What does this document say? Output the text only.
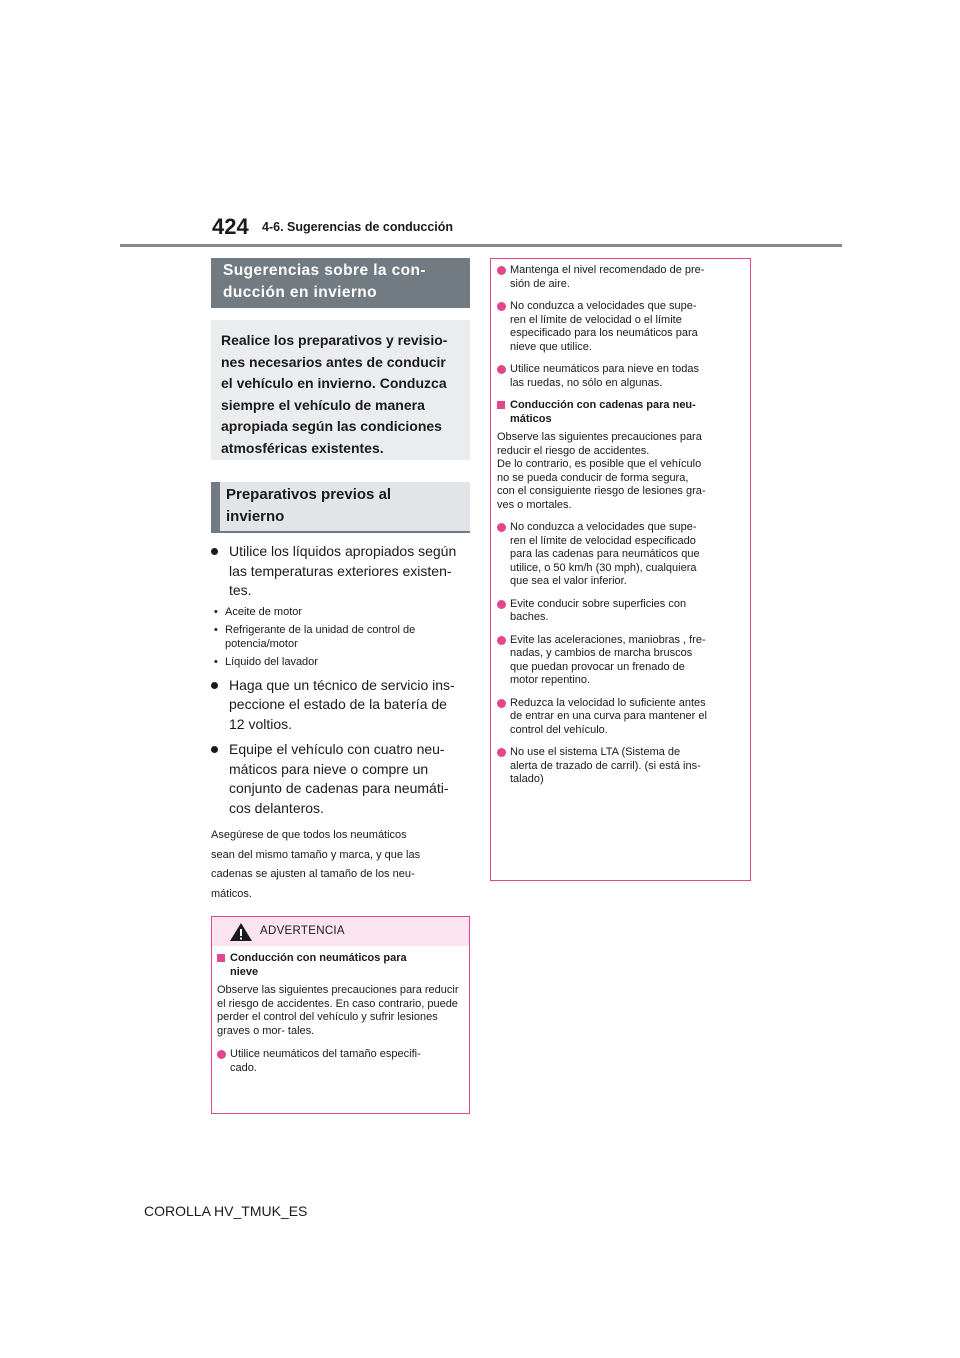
424 4-6. Sugerencias de conducción
Sugerencias sobre la con-
ducción en invierno
Realice los preparativos y revisio-
nes necesarios antes de conducir
el vehículo en invierno. Conduzca
siempre el vehículo de manera
apropiada según las condiciones
atmosféricas existentes.
Preparativos previos al
invierno
Utilice los líquidos apropiados según
las temperaturas exteriores existen-
tes.
• Aceite de motor
• Refrigerante de la unidad de control de
potencia/motor
• Líquido del lavador
Haga que un técnico de servicio ins-
peccione el estado de la batería de
12 voltios.
Equipe el vehículo con cuatro neu-
máticos para nieve o compre un
conjunto de cadenas para neumáti-
cos delanteros.
Asegúrese de que todos los neumáticos
sean del mismo tamaño y marca, y que las
cadenas se ajusten al tamaño de los neu-
máticos.
ADVERTENCIA
Conducción con neumáticos para
nieve
Observe las siguientes precauciones para reducir el riesgo de accidentes. En caso contrario, puede perder el control del vehículo y sufrir lesiones graves o mor- tales.
Utilice neumáticos del tamaño especifi-
cado.
Mantenga el nivel recomendado de pre-
sión de aire.
No conduzca a velocidades que supe-
ren el límite de velocidad o el límite
especificado para los neumáticos para
nieve que utilice.
Utilice neumáticos para nieve en todas
las ruedas, no sólo en algunas.
Conducción con cadenas para neu-
máticos
Observe las siguientes precauciones para
reducir el riesgo de accidentes.
De lo contrario, es posible que el vehículo
no se pueda conducir de forma segura,
con el consiguiente riesgo de lesiones gra-
ves o mortales.
No conduzca a velocidades que supe-
ren el límite de velocidad especificado
para las cadenas para neumáticos que
utilice, o 50 km/h (30 mph), cualquiera
que sea el valor inferior.
Evite conducir sobre superficies con
baches.
Evite las aceleraciones, maniobras , fre-
nadas, y cambios de marcha bruscos
que puedan provocar un frenado de
motor repentino.
Reduzca la velocidad lo suficiente antes
de entrar en una curva para mantener el
control del vehículo.
No use el sistema LTA (Sistema de
alerta de trazado de carril). (si está ins-
talado)
COROLLA HV_TMUK_ES
